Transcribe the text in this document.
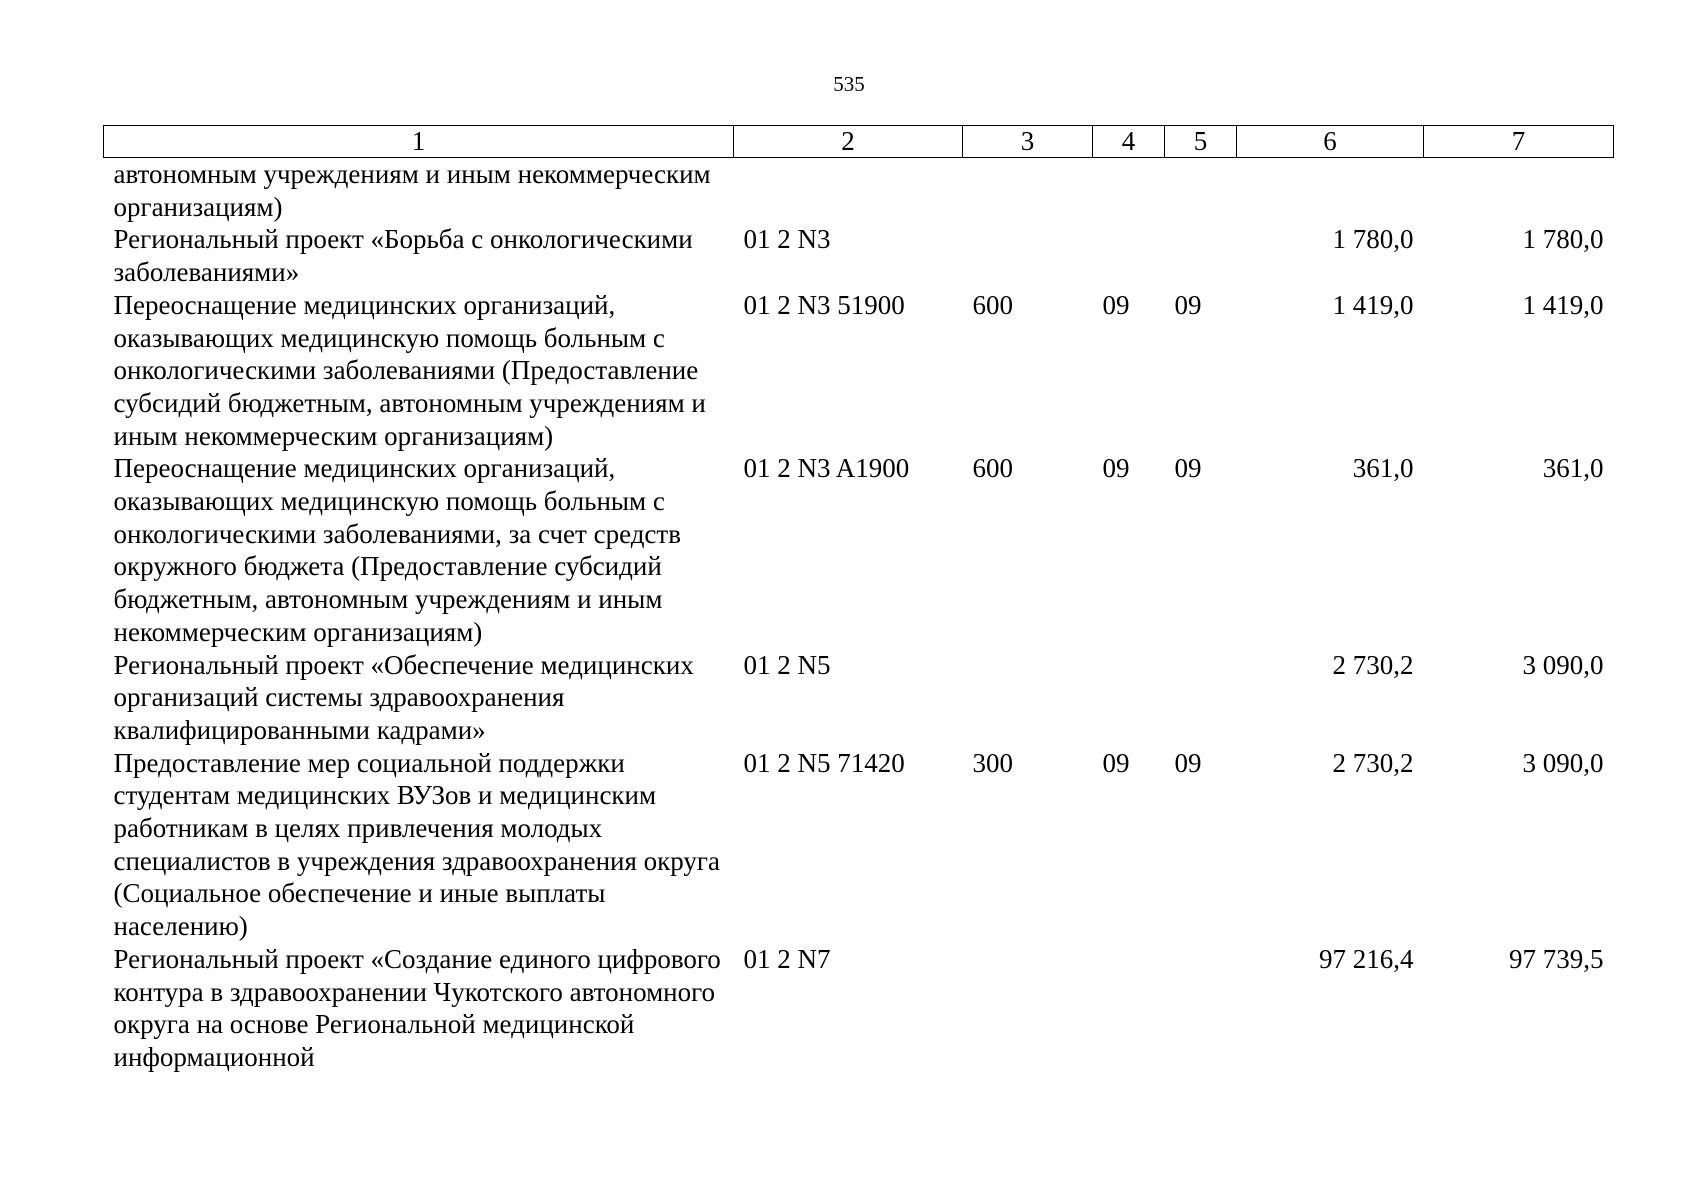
535
1	2	3	4	5	6	7
автономным учреждениям и иным некоммерческим организациям)						
Региональный проект «Борьба с онкологическими заболеваниями»	01 2 N3				1 780,0	1 780,0
Переоснащение медицинских организаций, оказывающих медицинскую помощь больным с онкологическими заболеваниями (Предоставление субсидий бюджетным, автономным учреждениям и иным некоммерческим организациям)	01 2 N3 51900	600	09	09	1 419,0	1 419,0
Переоснащение медицинских организаций, оказывающих медицинскую помощь больным с онкологическими заболеваниями, за счет средств окружного бюджета (Предоставление субсидий бюджетным, автономным учреждениям и иным некоммерческим организациям)	01 2 N3 A1900	600	09	09	361,0	361,0
Региональный проект «Обеспечение медицинских организаций системы здравоохранения квалифицированными кадрами»	01 2 N5				2 730,2	3 090,0
Предоставление мер социальной поддержки студентам медицинских ВУЗов и медицинским работникам в целях привлечения молодых специалистов в учреждения здравоохранения округа (Социальное обеспечение и иные выплаты населению)	01 2 N5 71420	300	09	09	2 730,2	3 090,0
Региональный проект «Создание единого цифрового контура в здравоохранении Чукотского автономного округа на основе Региональной медицинской информационной	01 2 N7				97 216,4	97 739,5
